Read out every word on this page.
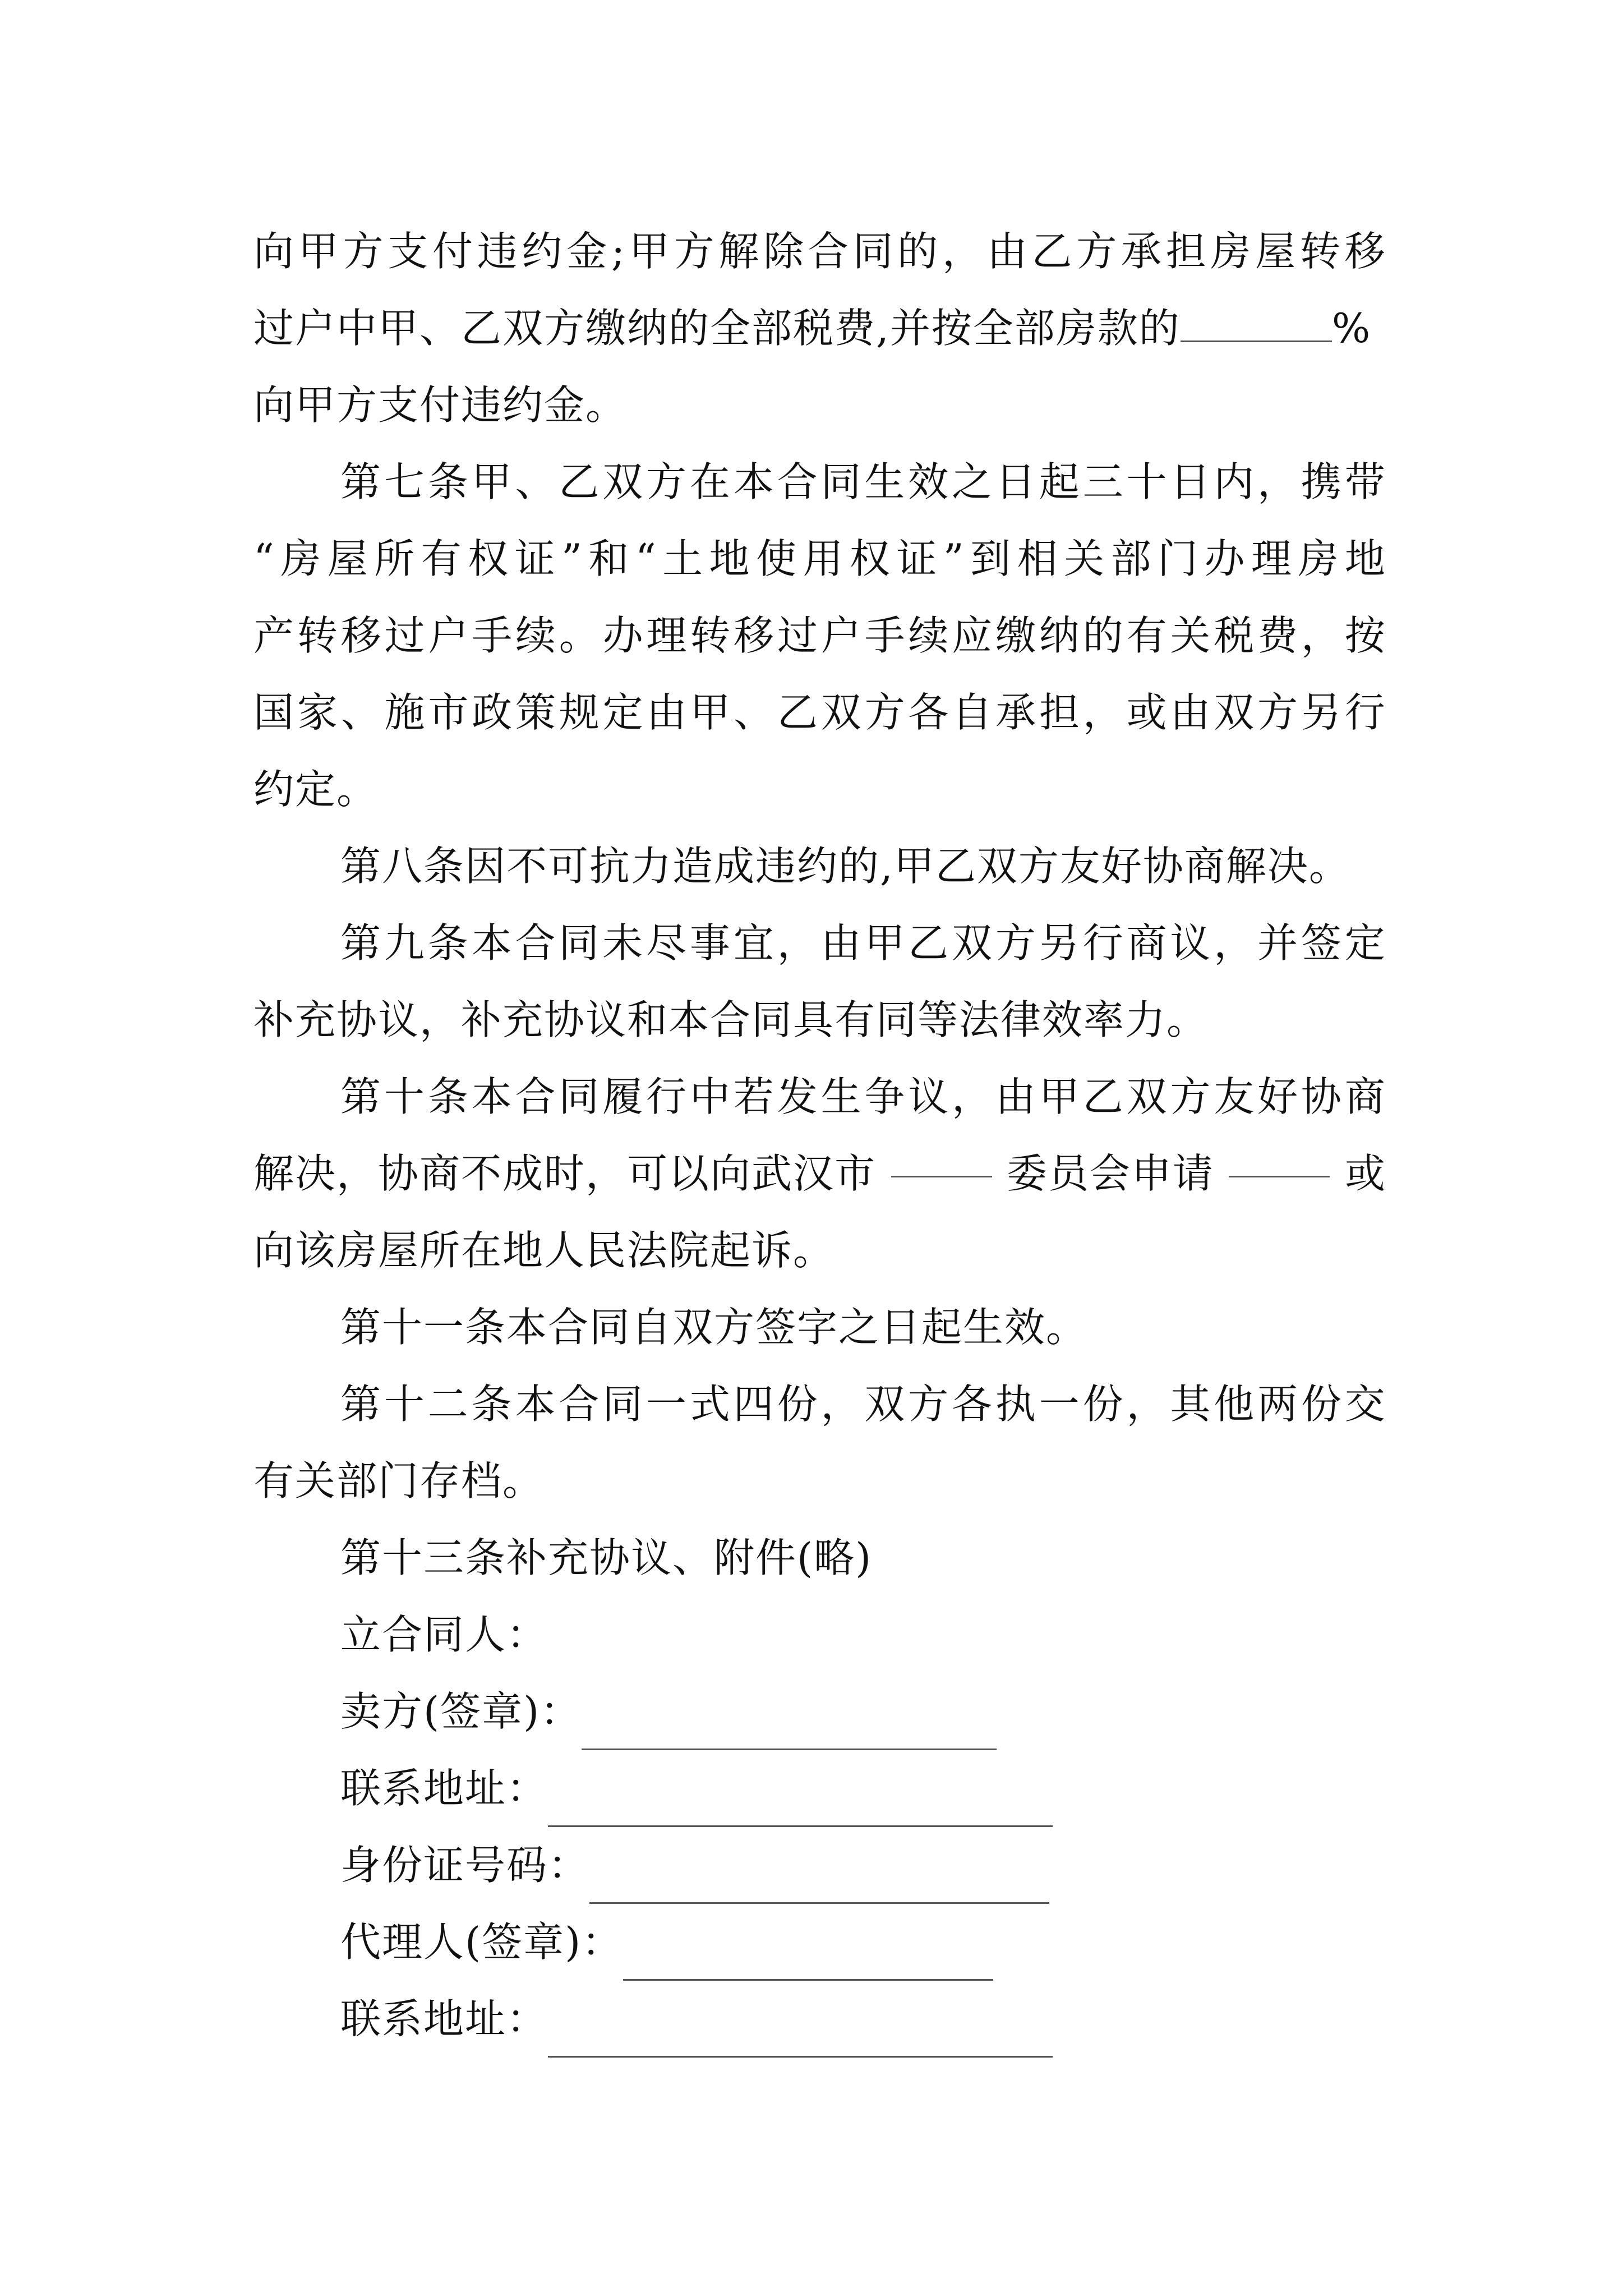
向 甲 方 支 付 违 约 金 ; 甲 方 解 除 合 同 的 ， 由 乙 方 承 担 房 屋 转 移
过户中甲、乙双方缴纳的全部税费,并按全部房款的	%
向甲方支付违约金。
第 七 条 甲 、 乙 双 方 在 本 合 同 生 效 之 日 起 三 十 日 内 ， 携 带
“ 房 屋 所 有 权 证 ” 和 “ 土 地 使 用 权 证 ” 到 相 关 部 门 办 理 房 地
产 转 移 过 户 手 续 。 办 理 转 移 过 户 手 续 应 缴 纳 的 有 关 税 费 ， 按
国 家 、 施 市 政 策 规 定 由 甲 、 乙 双 方 各 自 承 担 ， 或 由 双 方 另 行
约定。
第八条因不可抗力造成违约的,甲乙双方友好协商解决。
第 九 条 本 合 同 未 尽 事 宜 ， 由 甲 乙 双 方 另 行 商 议 ， 并 签 定
补充协议，补充协议和本合同具有同等法律效率力。
第 十 条 本 合 同 履 行 中 若 发 生 争 议 ， 由 甲 乙 双 方 友 好 协 商
解决，协商不成时，可以向武汉市	委员会申请	或
向该房屋所在地人民法院起诉。
第十一条本合同自双方签字之日起生效。
第 十 二 条 本 合 同 一 式 四 份 ， 双 方 各 执 一 份 ， 其 他 两 份 交
有关部门存档。
第十三条补充协议、附件(略)
立合同人：
卖方(签章)：
联系地址：
身份证号码：
代理人(签章)：
联系地址：
